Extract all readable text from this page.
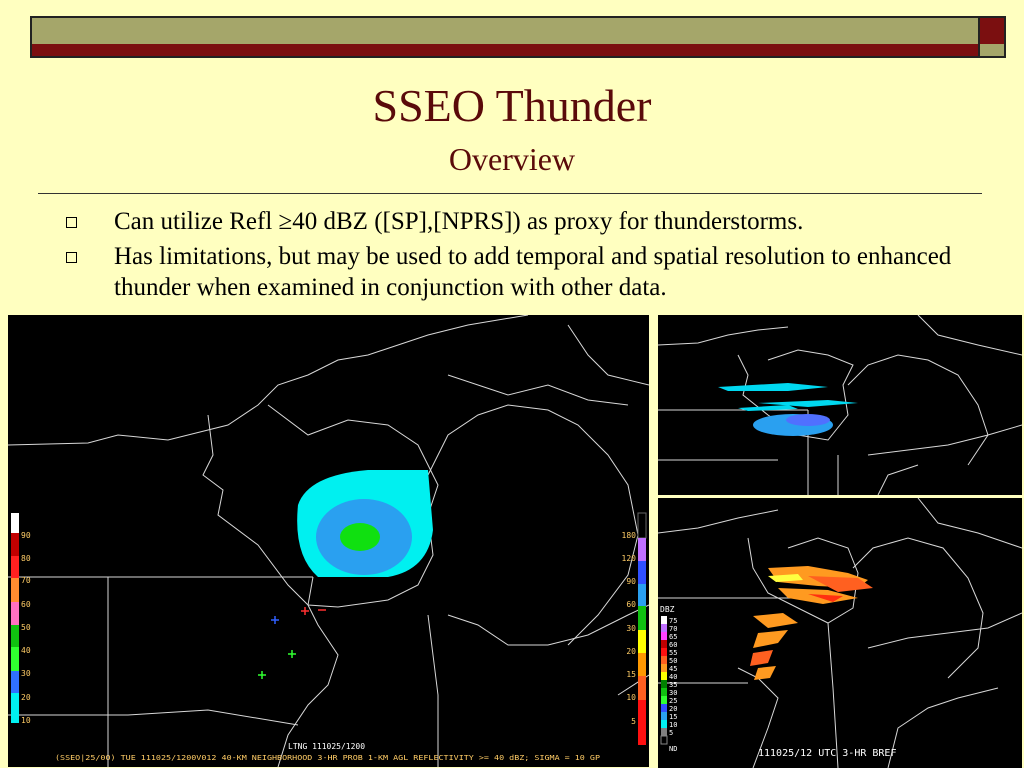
SSEO Thunder
Overview
Can utilize Refl ≥40 dBZ ([SP],[NPRS]) as proxy for thunderstorms.
Has limitations, but may be used to add temporal and spatial resolution to enhanced thunder when examined in conjunction with other data.
90
80
70
60
50
40
30
20
10
180
120
90
60
30
20
15
10
5
LTNG 111025/1200
(SSEO|25/00) TUE 111025/1200V012 40-KM NEIGHBORHOOD 3-HR PROB 1-KM AGL REFLECTIVITY >= 40 dBZ; SIGMA = 10 GP
DBZ
75
70
65
60
55
50
45
40
35
30
25
20
15
10
5
ND	111025/12 UTC 3-HR BREF
